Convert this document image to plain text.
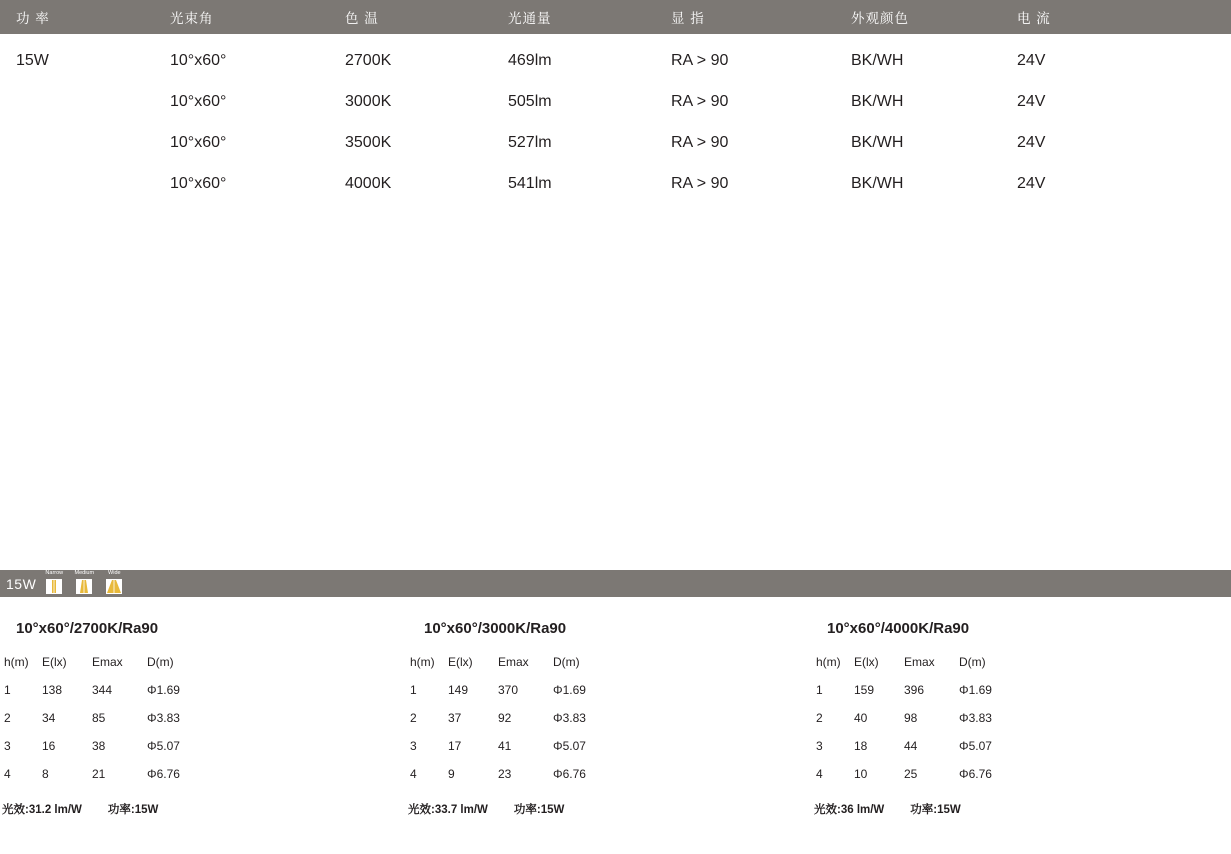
功 率	光束角	色 温	光通量	显 指	外观颜色	电 流
15W	10°x60°	2700K	469lm	RA > 90	BK/WH	24V
10°x60°	3000K	505lm	RA > 90	BK/WH	24V
10°x60°	3500K	527lm	RA > 90	BK/WH	24V
10°x60°	4000K	541lm	RA > 90	BK/WH	24V
15W
Narrow Medium	Wide
10°x60°/2700K/Ra90
h(m)	E(lx)	Emax	D(m)
1	138	344	Φ1.69
2	34	85	Φ3.83
3	16	38	Φ5.07
4	8	21	Φ6.76
光效:31.2 lm/W 功率:15W
10°x60°/3000K/Ra90
h(m)	E(lx)	Emax	D(m)
1	149	370	Φ1.69
2	37	92	Φ3.83
3	17	41	Φ5.07
4	9	23	Φ6.76
光效:33.7 lm/W 功率:15W
10°x60°/4000K/Ra90
h(m)	E(lx)	Emax	D(m)
1	159	396	Φ1.69
2	40	98	Φ3.83
3	18	44	Φ5.07
4	10	25	Φ6.76
光效:36 lm/W 功率:15W
